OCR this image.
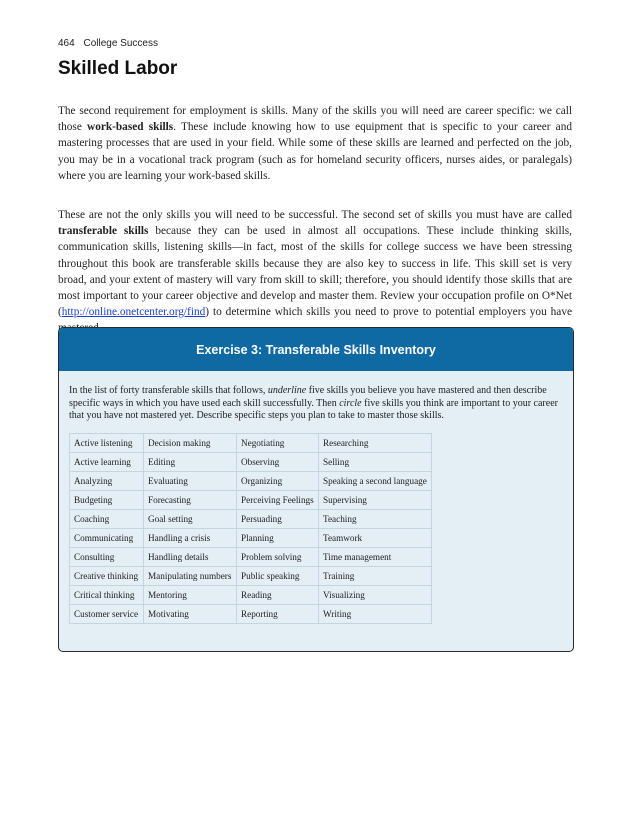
464 College Success
Skilled Labor

The second requirement for employment is skills. Many of the skills you will need are career specific: we call those work-based skills. These include knowing how to use equipment that is specific to your career and mastering processes that are used in your field. While some of these skills are learned and perfected on the job, you may be in a vocational track program (such as for homeland security officers, nurses aides, or paralegals) where you are learning your work-based skills.

These are not the only skills you will need to be successful. The second set of skills you must have are called transferable skills because they can be used in almost all occupations. These include thinking skills, communication skills, listening skills—in fact, most of the skills for college success we have been stressing throughout this book are transferable skills because they are also key to success in life. This skill set is very broad, and your extent of mastery will vary from skill to skill; therefore, you should identify those skills that are most important to your career objective and develop and master them. Review your occupation profile on O*Net (http://online.onetcenter.org/find) to determine which skills you need to prove to potential employers you have

Exercise 3: Transferable Skills Inventory

In the list of forty transferable skills that follows, underline five skills you believe you have mastered and then describe specific ways in which you have used each skill successfully. Then circle five skills you think are important to your career that you have not mastered yet. Describe specific steps you plan to take to master those skills.

Active listening	Decision making	Negotiating	Researching
Active learning	Editing	Observing	Selling
Analyzing	Evaluating	Organizing	Speaking a second language
Budgeting	Forecasting	Perceiving Feelings	Supervising
Coaching	Goal setting	Persuading	Teaching
Communicating	Handling a crisis	Planning	Teamwork
Consulting	Handling details	Problem solving	Time management
Creative thinking	Manipulating numbers	Public speaking	Training
Critical thinking	Mentoring	Reading	Visualizing
Customer service	Motivating	Reporting	Writing
